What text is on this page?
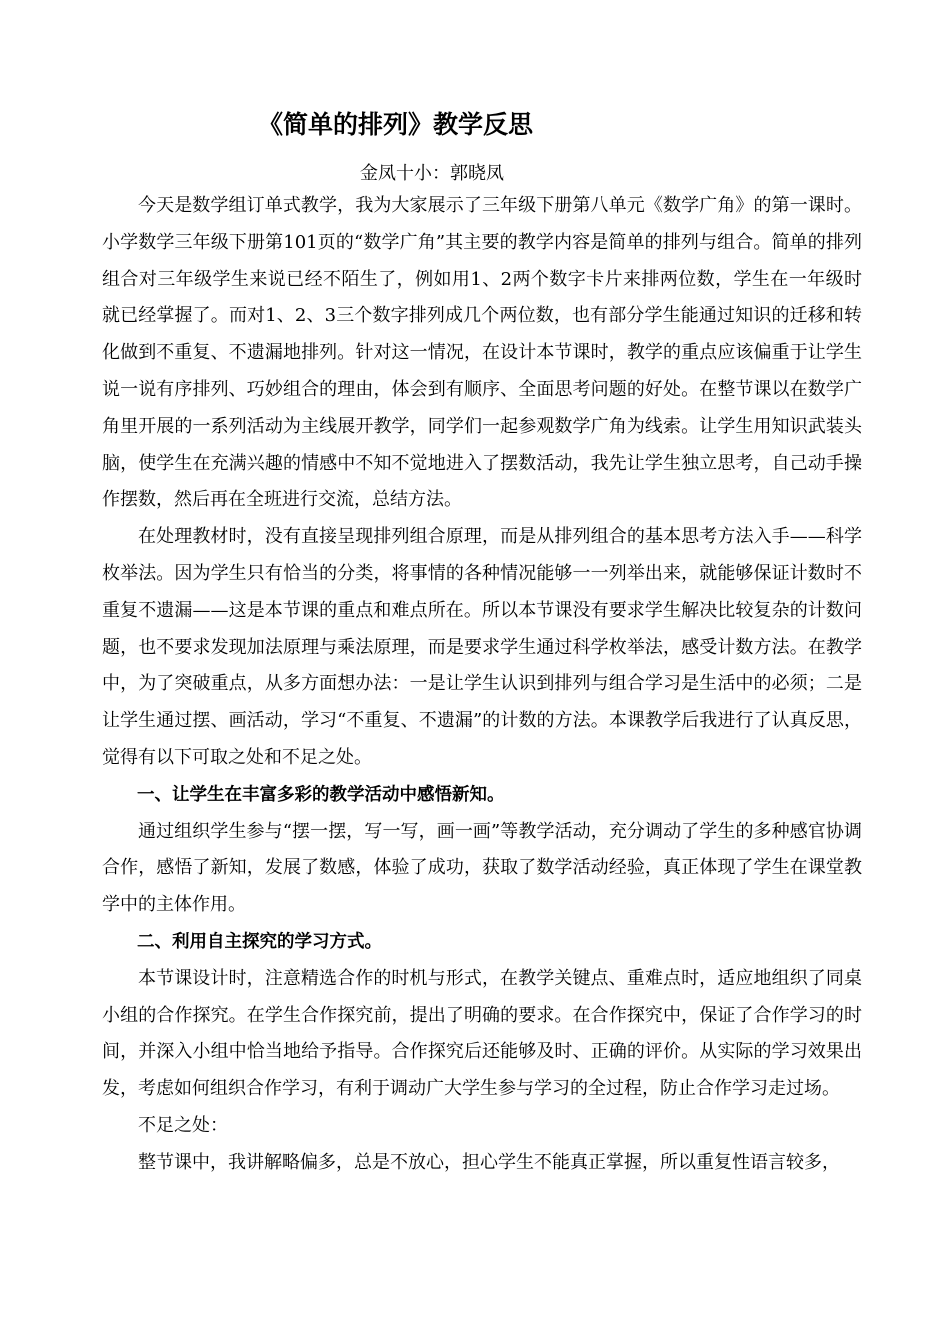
《简单的排列》教学反思
金凤十小：郭晓凤

今天是数学组订单式教学，我为大家展示了三年级下册第八单元《数学广角》的第一课时。小学数学三年级下册第101页的“数学广角”其主要的教学内容是简单的排列与组合。简单的排列组合对三年级学生来说已经不陌生了，例如用1、2两个数字卡片来排两位数，学生在一年级时就已经掌握了。而对1、2、3三个数字排列成几个两位数，也有部分学生能通过知识的迁移和转化做到不重复、不遗漏地排列。针对这一情况，在设计本节课时，教学的重点应该偏重于让学生说一说有序排列、巧妙组合的理由，体会到有顺序、全面思考问题的好处。在整节课以在数学广角里开展的一系列活动为主线展开教学，同学们一起参观数学广角为线索。让学生用知识武装头脑，使学生在充满兴趣的情感中不知不觉地进入了摆数活动，我先让学生独立思考，自己动手操作摆数，然后再在全班进行交流，总结方法。

在处理教材时，没有直接呈现排列组合原理，而是从排列组合的基本思考方法入手——科学枚举法。因为学生只有恰当的分类，将事情的各种情况能够一一列举出来，就能够保证计数时不重复不遗漏——这是本节课的重点和难点所在。所以本节课没有要求学生解决比较复杂的计数问题，也不要求发现加法原理与乘法原理，而是要求学生通过科学枚举法，感受计数方法。在教学中，为了突破重点，从多方面想办法：一是让学生认识到排列与组合学习是生活中的必须；二是让学生通过摆、画活动，学习“不重复、不遗漏”的计数的方法。本课教学后我进行了认真反思，觉得有以下可取之处和不足之处。

一、让学生在丰富多彩的教学活动中感悟新知。

通过组织学生参与“摆一摆，写一写，画一画”等教学活动，充分调动了学生的多种感官协调合作，感悟了新知，发展了数感，体验了成功，获取了数学活动经验，真正体现了学生在课堂教学中的主体作用。

二、利用自主探究的学习方式。

本节课设计时，注意精选合作的时机与形式，在教学关键点、重难点时，适应地组织了同桌小组的合作探究。在学生合作探究前，提出了明确的要求。在合作探究中，保证了合作学习的时间，并深入小组中恰当地给予指导。合作探究后还能够及时、正确的评价。从实际的学习效果出发，考虑如何组织合作学习，有利于调动广大学生参与学习的全过程，防止合作学习走过场。

不足之处：

整节课中，我讲解略偏多，总是不放心，担心学生不能真正掌握，所以重复性语言较多，
